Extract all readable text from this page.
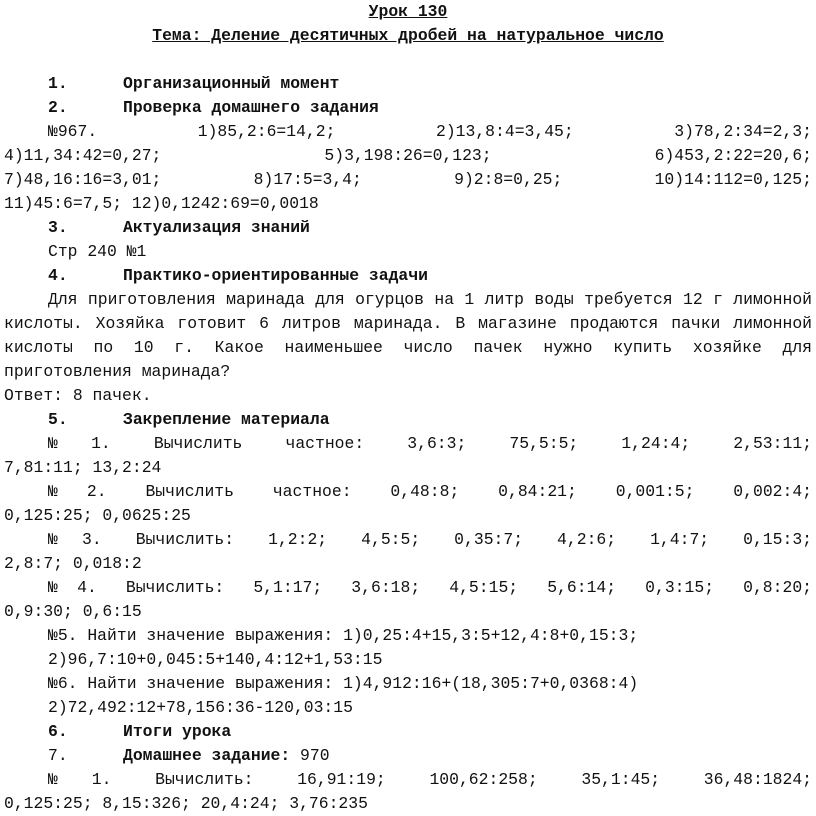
Урок 130

Тема: Деление десятичных дробей на натуральное число

1.	Организационный момент

2.	Проверка домашнего задания

№967.	1)85,2:6=14,2;	2)13,8:4=3,45;	3)78,2:34=2,3;
4)11,34:42=0,27;	5)3,198:26=0,123;	6)453,2:22=20,6;
7)48,16:16=3,01;	8)17:5=3,4;	9)2:8=0,25;	10)14:112=0,125;

11)45:6=7,5; 12)0,1242:69=0,0018

3.	Актуализация знаний

Стр 240 №1

4.	Практико-ориентированные задачи

Для приготовления маринада для огурцов на 1 литр воды требуется 12 г лимонной кислоты. Хозяйка готовит 6 литров маринада. В магазине продаются пачки лимонной кислоты по 10 г. Какое наименьшее число пачек нужно купить хозяйке для приготовления маринада?

Ответ: 8 пачек.

5.	Закрепление материала

№1. Вычислить частное: 3,6:3; 75,5:5; 1,24:4; 2,53:11;

7,81:11; 13,2:24

№2. Вычислить частное: 0,48:8; 0,84:21; 0,001:5; 0,002:4;

0,125:25; 0,0625:25

№3. Вычислить: 1,2:2; 4,5:5; 0,35:7; 4,2:6; 1,4:7; 0,15:3;

2,8:7; 0,018:2

№4. Вычислить: 5,1:17; 3,6:18; 4,5:15; 5,6:14; 0,3:15; 0,8:20;

0,9:30; 0,6:15

№5. Найти значение выражения: 1)0,25:4+15,3:5+12,4:8+0,15:3;

2)96,7:10+0,045:5+140,4:12+1,53:15

№6. Найти значение выражения: 1)4,912:16+(18,305:7+0,0368:4)

2)72,492:12+78,156:36-120,03:15

6.	Итоги урока

7.	Домашнее задание: 970

№1. Вычислить: 16,91:19; 100,62:258; 35,1:45; 36,48:1824;

0,125:25; 8,15:326; 20,4:24; 3,76:235
